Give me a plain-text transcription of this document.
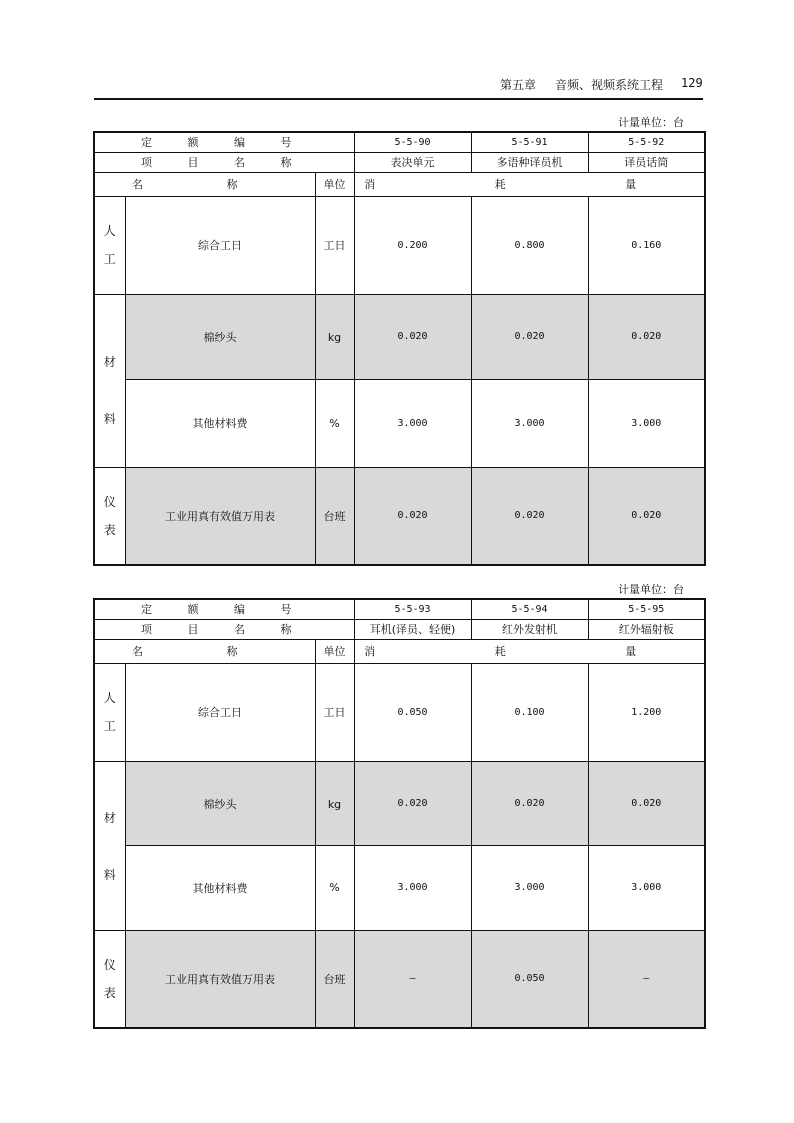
第五章 音频、视频系统工程 129
计量单位：台
定 额 编 号			5-5-90	5-5-91	5-5-92
项 目 名 称			表决单元	多语种译员机	译员话筒
名 称		单位	消 耗 量		
人 工	综合工日	工日	0.200	0.800	0.160

材
料	棉纱头	kg	0.020	0.020	0.020
	其他材料费	%	3.000	3.000	3.000
仪 表	工业用真有效值万用表	台班	0.020	0.020	0.020
计量单位：台
定 额 编 号			5-5-93	5-5-94	5-5-95
项 目 名 称			耳机(译员、轻便)	红外发射机	红外辐射板
名 称		单位	消 耗 量		
人 工	综合工日	工日	0.050	0.100	1.200

材
料	棉纱头	kg	0.020	0.020	0.020
	其他材料费	%	3.000	3.000	3.000
仪 表	工业用真有效值万用表	台班	—	0.050	—
